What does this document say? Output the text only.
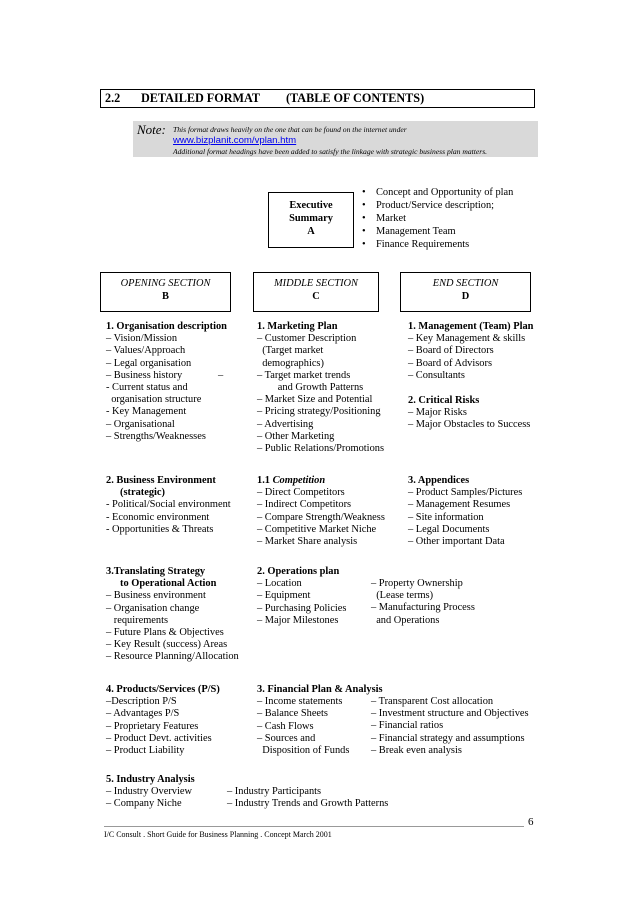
2.2 DETAILED FORMAT (TABLE OF CONTENTS)
Note: This format draws heavily on the one that can be found on the internet under
www.bizplanit.com/vplan.htm
Additional format headings have been added to satisfy the linkage with strategic business plan matters.
Executive
Summary
A
• Concept and Opportunity of plan
• Product/Service description;
• Market
• Management Team
• Finance Requirements
OPENING SECTION
B
MIDDLE SECTION
C
END SECTION
D
1. Organisation description
– Vision/Mission
– Values/Approach
– Legal organisation
– Business history	–
- Current status and
organisation structure
- Key Management
– Organisational
– Strengths/Weaknesses
2. Business Environment
(strategic)
- Political/Social environment
- Economic environment
- Opportunities & Threats
3.Translating Strategy
to Operational Action
– Business environment
– Organisation change
requirements
– Future Plans & Objectives
– Key Result (success) Areas
– Resource Planning/Allocation
4. Products/Services (P/S)
–Description P/S
– Advantages P/S
– Proprietary Features
– Product Devt. activities
– Product Liability
5. Industry Analysis
– Industry Overview
– Company Niche
– Industry Participants
– Industry Trends and Growth Patterns
1. Marketing Plan
– Customer Description
(Target market
demographics)
– Target market trends
and Growth Patterns
– Market Size and Potential
– Pricing strategy/Positioning
– Advertising
– Other Marketing
– Public Relations/Promotions
1.1 Competition
– Direct Competitors
– Indirect Competitors
– Compare Strength/Weakness
– Competitive Market Niche
– Market Share analysis
2. Operations plan
– Location
– Equipment
– Purchasing Policies
– Major Milestones
– Property Ownership
(Lease terms)
– Manufacturing Process
and Operations
3. Financial Plan & Analysis
– Income statements
– Balance Sheets
– Cash Flows
– Sources and
Disposition of Funds
– Transparent Cost allocation
– Investment structure and Objectives
– Financial ratios
– Financial strategy and assumptions
– Break even analysis
1. Management (Team) Plan
– Key Management & skills
– Board of Directors
– Board of Advisors
– Consultants
2. Critical Risks
– Major Risks
– Major Obstacles to Success
3. Appendices
– Product Samples/Pictures
– Management Resumes
– Site information
– Legal Documents
– Other important Data
6
I/C Consult . Short Guide for Business Planning . Concept March 2001
